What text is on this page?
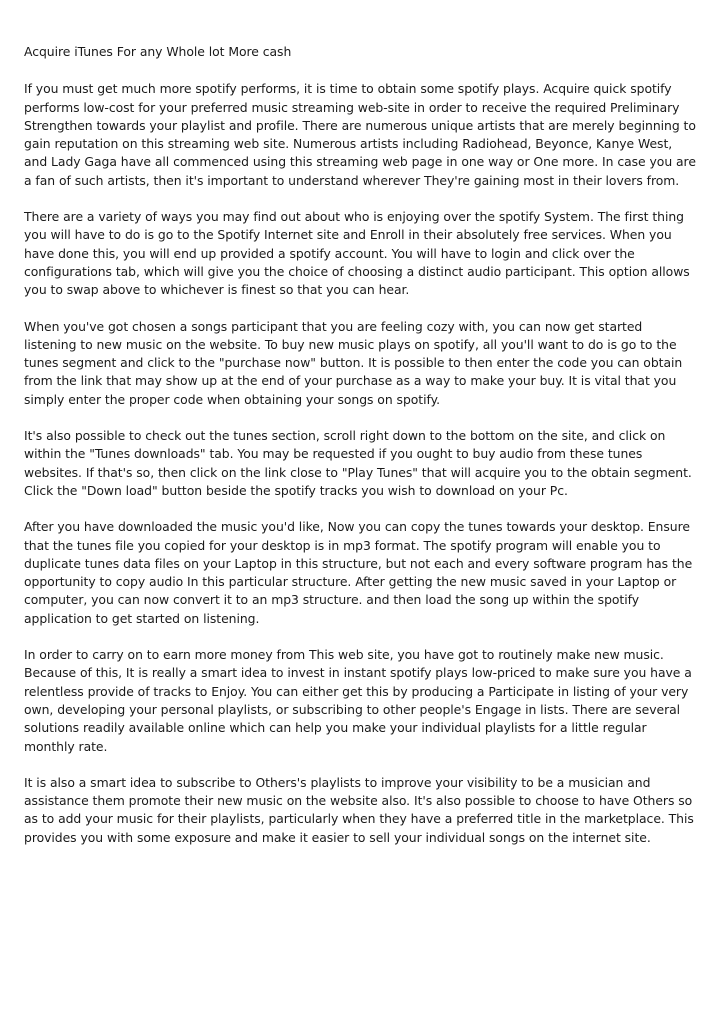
Acquire iTunes For any Whole lot More cash

If you must get much more spotify performs, it is time to obtain some spotify plays. Acquire quick spotify performs low-cost for your preferred music streaming web-site in order to receive the required Preliminary Strengthen towards your playlist and profile. There are numerous unique artists that are merely beginning to gain reputation on this streaming web site. Numerous artists including Radiohead, Beyonce, Kanye West, and Lady Gaga have all commenced using this streaming web page in one way or One more. In case you are a fan of such artists, then it's important to understand wherever They're gaining most in their lovers from.

There are a variety of ways you may find out about who is enjoying over the spotify System. The first thing you will have to do is go to the Spotify Internet site and Enroll in their absolutely free services. When you have done this, you will end up provided a spotify account. You will have to login and click over the configurations tab, which will give you the choice of choosing a distinct audio participant. This option allows you to swap above to whichever is finest so that you can hear.

When you've got chosen a songs participant that you are feeling cozy with, you can now get started listening to new music on the website. To buy new music plays on spotify, all you'll want to do is go to the tunes segment and click to the "purchase now" button. It is possible to then enter the code you can obtain from the link that may show up at the end of your purchase as a way to make your buy. It is vital that you simply enter the proper code when obtaining your songs on spotify.

It's also possible to check out the tunes section, scroll right down to the bottom on the site, and click on within the "Tunes downloads" tab. You may be requested if you ought to buy audio from these tunes websites. If that's so, then click on the link close to "Play Tunes" that will acquire you to the obtain segment. Click the "Down load" button beside the spotify tracks you wish to download on your Pc.

After you have downloaded the music you'd like, Now you can copy the tunes towards your desktop. Ensure that the tunes file you copied for your desktop is in mp3 format. The spotify program will enable you to duplicate tunes data files on your Laptop in this structure, but not each and every software program has the opportunity to copy audio In this particular structure. After getting the new music saved in your Laptop or computer, you can now convert it to an mp3 structure. and then load the song up within the spotify application to get started on listening.

In order to carry on to earn more money from This web site, you have got to routinely make new music. Because of this, It is really a smart idea to invest in instant spotify plays low-priced to make sure you have a relentless provide of tracks to Enjoy. You can either get this by producing a Participate in listing of your very own, developing your personal playlists, or subscribing to other people's Engage in lists. There are several solutions readily available online which can help you make your individual playlists for a little regular monthly rate.

It is also a smart idea to subscribe to Others's playlists to improve your visibility to be a musician and assistance them promote their new music on the website also. It's also possible to choose to have Others so as to add your music for their playlists, particularly when they have a preferred title in the marketplace. This provides you with some exposure and make it easier to sell your individual songs on the internet site.
